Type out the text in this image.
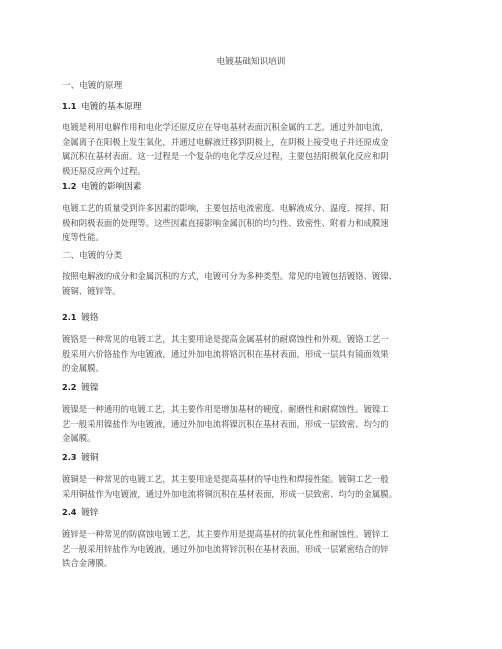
电镀基础知识培训
一、电镀的原理
1.1 电镀的基本原理
电镀是利用电解作用和电化学还原反应在导电基材表面沉积金属的工艺。通过外加电流，
金属离子在阳极上发生氧化，并通过电解液迁移到阴极上，在阴极上接受电子并还原成金
属沉积在基材表面。这一过程是一个复杂的电化学反应过程，主要包括阳极氧化反应和阴
极还原反应两个过程。
1.2 电镀的影响因素
电镀工艺的质量受到许多因素的影响，主要包括电流密度、电解液成分、温度、搅拌、阳
极和阴极表面的处理等。这些因素直接影响金属沉积的均匀性、致密性、附着力和成膜速
度等性能。
二、电镀的分类
按照电解液的成分和金属沉积的方式，电镀可分为多种类型。常见的电镀包括镀铬、镀镍、
镀铜、镀锌等。
2.1 镀铬
镀铬是一种常见的电镀工艺，其主要用途是提高金属基材的耐腐蚀性和外观。镀铬工艺一
般采用六价铬盐作为电镀液，通过外加电流将铬沉积在基材表面，形成一层具有镜面效果
的金属膜。
2.2 镀镍
镀镍是一种通用的电镀工艺，其主要作用是增加基材的硬度、耐磨性和耐腐蚀性。镀镍工
艺一般采用镍盐作为电镀液，通过外加电流将镍沉积在基材表面，形成一层致密、均匀的
金属膜。
2.3 镀铜
镀铜是一种常见的电镀工艺，其主要用途是提高基材的导电性和焊接性能。镀铜工艺一般
采用铜盐作为电镀液，通过外加电流将铜沉积在基材表面，形成一层致密、均匀的金属膜。
2.4 镀锌
镀锌是一种常见的防腐蚀电镀工艺，其主要作用是提高基材的抗氧化性和耐蚀性。镀锌工
艺一般采用锌盐作为电镀液，通过外加电流将锌沉积在基材表面，形成一层紧密结合的锌
铁合金薄膜。
